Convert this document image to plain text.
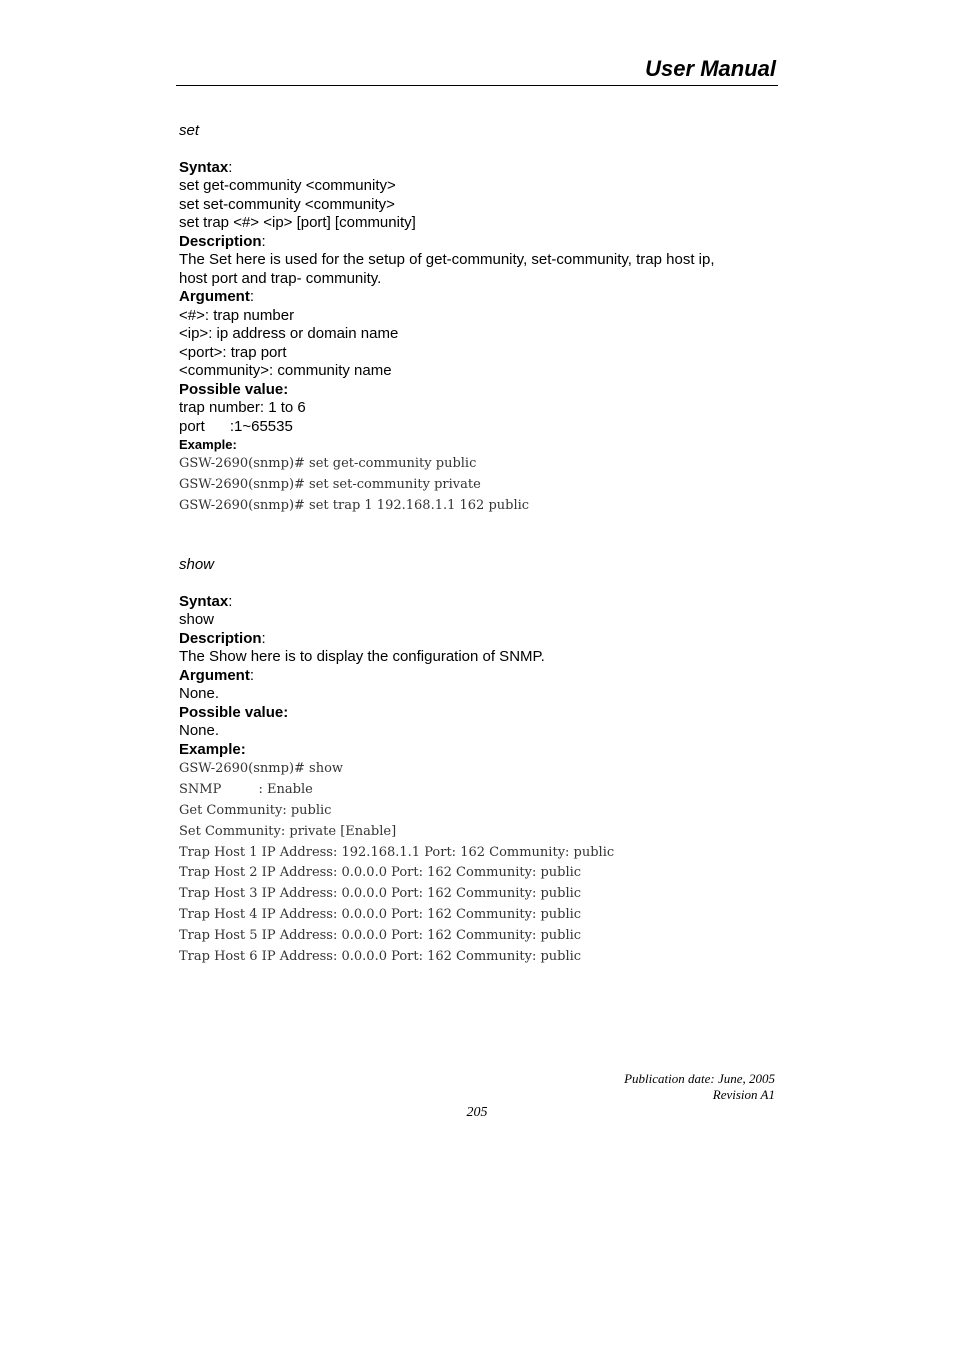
User Manual
set
Syntax:
set get-community <community>
set set-community <community>
set trap <#> <ip> [port] [community]
Description:
The Set here is used for the setup of get-community, set-community, trap host ip,
host port and trap- community.
Argument:
<#>: trap number
<ip>: ip address or domain name
<port>: trap port
<community>: community name
Possible value:
trap number: 1 to 6
port      :1~65535
Example:
GSW-2690(snmp)# set get-community public
GSW-2690(snmp)# set set-community private
GSW-2690(snmp)# set trap 1 192.168.1.1 162 public
show
Syntax:
show
Description:
The Show here is to display the configuration of SNMP.
Argument:
None.
Possible value:
None.
Example:
GSW-2690(snmp)# show
SNMP         : Enable
Get Community: public
Set Community: private [Enable]
Trap Host 1 IP Address: 192.168.1.1 Port: 162 Community: public
Trap Host 2 IP Address: 0.0.0.0 Port: 162 Community: public
Trap Host 3 IP Address: 0.0.0.0 Port: 162 Community: public
Trap Host 4 IP Address: 0.0.0.0 Port: 162 Community: public
Trap Host 5 IP Address: 0.0.0.0 Port: 162 Community: public
Trap Host 6 IP Address: 0.0.0.0 Port: 162 Community: public
Publication date: June, 2005
Revision A1
205
